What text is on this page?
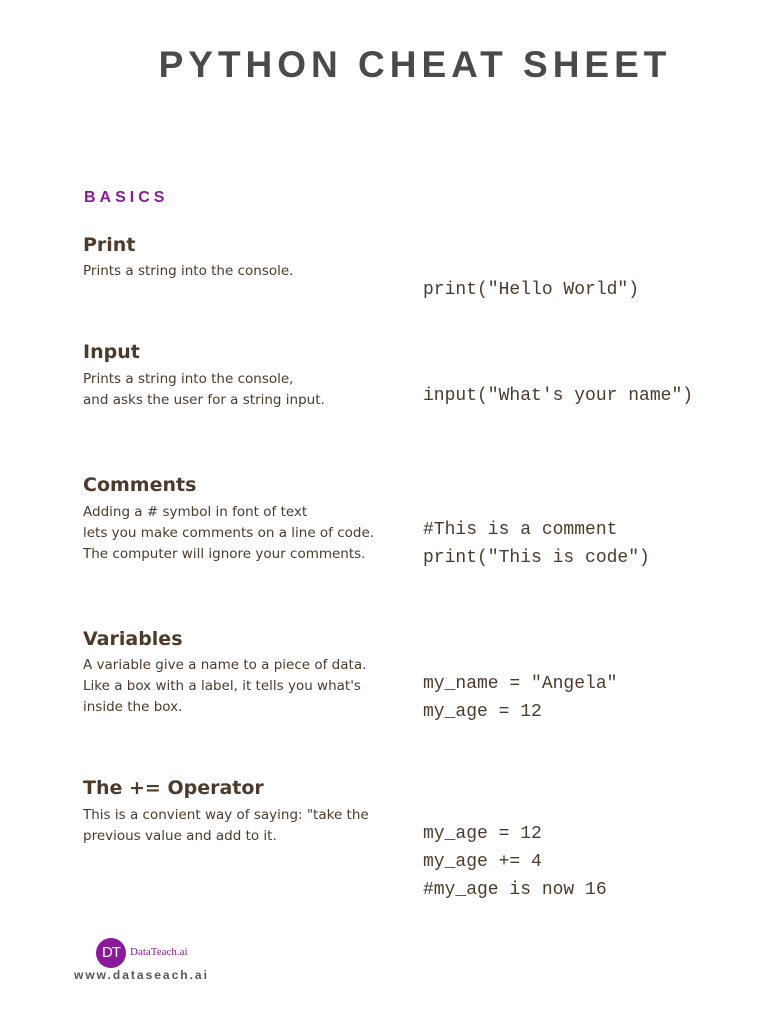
PYTHON CHEAT SHEET
BASICS
Print

Prints a string into the console.

print("Hello World")
Input

Prints a string into the console,
and asks the user for a string input.	input("What's your name")
Comments

Adding a # symbol in font of text
lets you make comments on a line of code.
The computer will ignore your comments.

#This is a comment
print("This is code")
Variables

A variable give a name to a piece of data.
Like a box with a label, it tells you what's
inside the box.

my_name = "Angela"
my_age = 12
The += Operator

This is a convient way of saying: "take the
previous value and add to it.	my_age = 12
my_age += 4
#my_age is now 16
DT DataTeach.ai

www.dataseach.ai
